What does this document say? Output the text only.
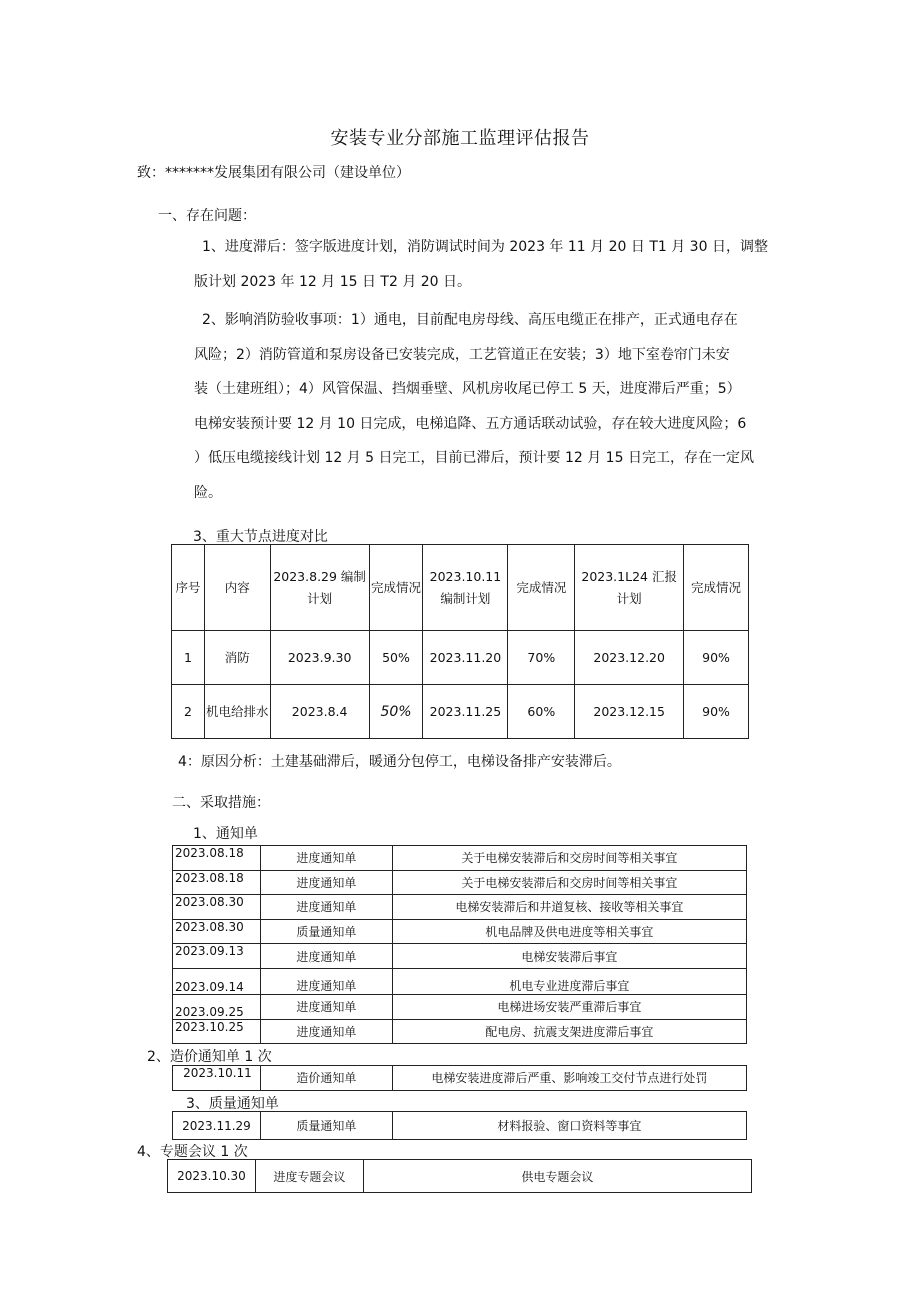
安装专业分部施工监理评估报告
致：*******发展集团有限公司（建设单位）
一、存在问题：
1、进度滞后：签字版进度计划，消防调试时间为 2023 年 11 月 20 日 T1 月 30 日，调整
版计划 2023 年 12 月 15 日 T2 月 20 日。
2、影响消防验收事项：1）通电，目前配电房母线、高压电缆正在排产，正式通电存在
风险；2）消防管道和泵房设备已安装完成，工艺管道正在安装；3）地下室卷帘门未安
装（土建班组）；4）风管保温、挡烟垂壁、风机房收尾已停工 5 天，进度滞后严重；5）
电梯安装预计要 12 月 10 日完成，电梯追降、五方通话联动试验，存在较大进度风险；6
）低压电缆接线计划 12 月 5 日完工，目前已滞后，预计要 12 月 15 日完工，存在一定风
险。
3、重大节点进度对比
序号	内容	2023.8.29 编制计划	完成情况	2023.10.11 编制计划	完成情况	2023.1L24 汇报计划	完成情况
1	消防	2023.9.30	50%	2023.11.20	70%	2023.12.20	90%
2	机电给排水	2023.8.4	50%	2023.11.25	60%	2023.12.15	90%
4：原因分析：土建基础滞后，暖通分包停工，电梯设备排产安装滞后。
二、采取措施：
1、通知单
2023.08.18	进度通知单	关于电梯安装滞后和交房时间等相关事宜
2023.08.18	进度通知单	关于电梯安装滞后和交房时间等相关事宜
2023.08.30	进度通知单	电梯安装滞后和井道复核、接收等相关事宜
2023.08.30	质量通知单	机电品牌及供电进度等相关事宜
2023.09.13	进度通知单	电梯安装滞后事宜
2023.09.14	进度通知单	机电专业进度滞后事宜
2023.09.25	进度通知单	电梯进场安装严重滞后事宜
2023.10.25	进度通知单	配电房、抗震支架进度滞后事宜
2、造价通知单 1 次
2023.10.11	造价通知单	电梯安装进度滞后严重、影响竣工交付节点进行处罚
3、质量通知单
2023.11.29	质量通知单	材料报验、窗口资料等事宜
4、专题会议 1 次
2023.10.30	进度专题会议	供电专题会议
